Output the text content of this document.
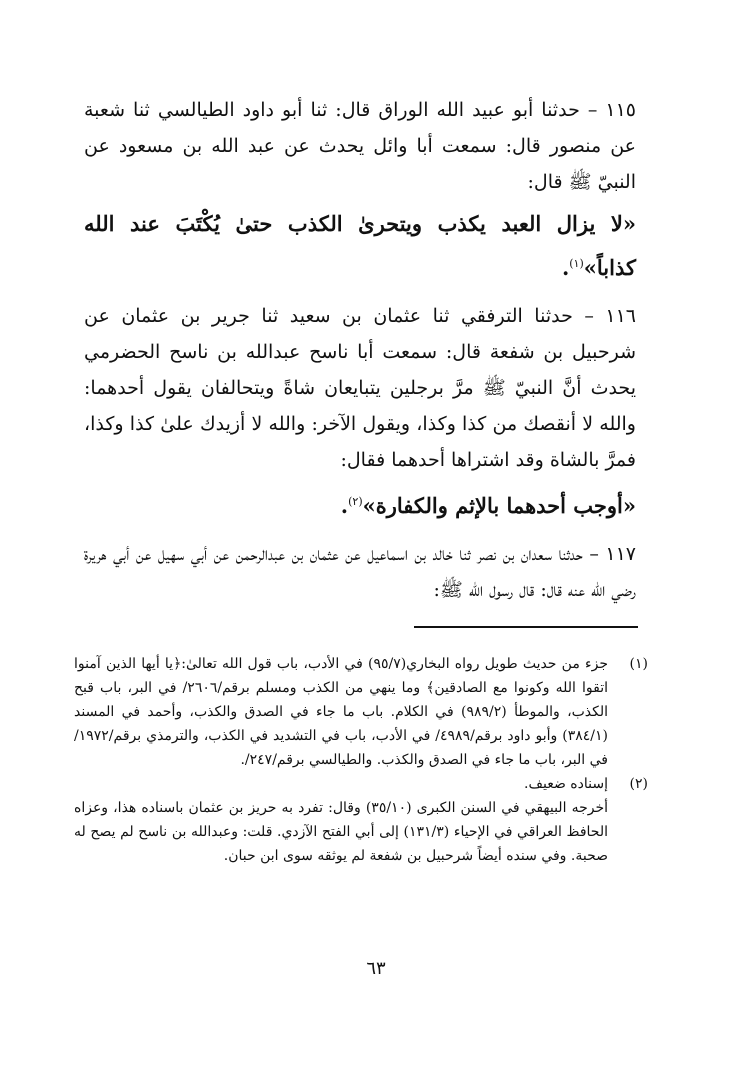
١١٥ – حدثنا أبو عبيد الله الوراق قال: ثنا أبو داود الطيالسي ثنا شعبة عن منصور قال: سمعت أبا وائل يحدث عن عبد الله بن مسعود عن النبيّ ﷺ قال:

«لا يزال العبد يكذب ويتحرىٰ الكذب حتىٰ يُكْتَبَ عند الله كذاباً»$^{(١)}$.

١١٦ – حدثنا الترفقي ثنا عثمان بن سعيد ثنا جرير بن عثمان عن شرحبيل بن شفعة قال: سمعت أبا ناسح عبدالله بن ناسح الحضرمي يحدث أنَّ النبيّ ﷺ مرَّ برجلين يتبايعان شاةً ويتحالفان يقول أحدهما: والله لا أنقصك من كذا وكذا، ويقول الآخر: والله لا أزيدك علىٰ كذا وكذا، فمرَّ بالشاة وقد اشتراها أحدهما فقال:

«أوجب أحدهما بالإثم والكفارة»$^{(٢)}$.

١١٧ – حدثنا سعدان بن نصر ثنا خالد بن اسماعيل عن عثمان بن عبدالرحمن عن أبي سهيل عن أبي هريرة رضي الله عنه قال: قال رسول الله ﷺ:

(١)
جزء من حديث طويل رواه البخاري(٩٥/٧) في الأدب، باب قول الله تعالىٰ:﴿يا أيها الذين آمنوا اتقوا الله وكونوا مع الصادقين﴾ وما ينهي من الكذب ومسلم برقم/٢٦٠٦/ في البر، باب قبح الكذب، والموطأ (٩٨٩/٢) في الكلام. باب ما جاء في الصدق والكذب، وأحمد في المسند (٣٨٤/١) وأبو داود برقم/٤٩٨٩/ في الأدب، باب في التشديد في الكذب، والترمذي برقم/١٩٧٢/ في البر، باب ما جاء في الصدق والكذب. والطيالسي برقم/٢٤٧/.
(٢)
إسناده ضعيف.
أخرجه البيهقي في السنن الكبرى (٣٥/١٠) وقال: تفرد به حريز بن عثمان باسناده هذا، وعزاه الحافظ العراقي في الإحياء (١٣١/٣) إلى أبي الفتح الآزدي. قلت: وعبدالله بن ناسح لم يصح له صحبة. وفي سنده أيضاً شرحبيل بن شفعة لم يوثقه سوى ابن حبان.
٦٣
